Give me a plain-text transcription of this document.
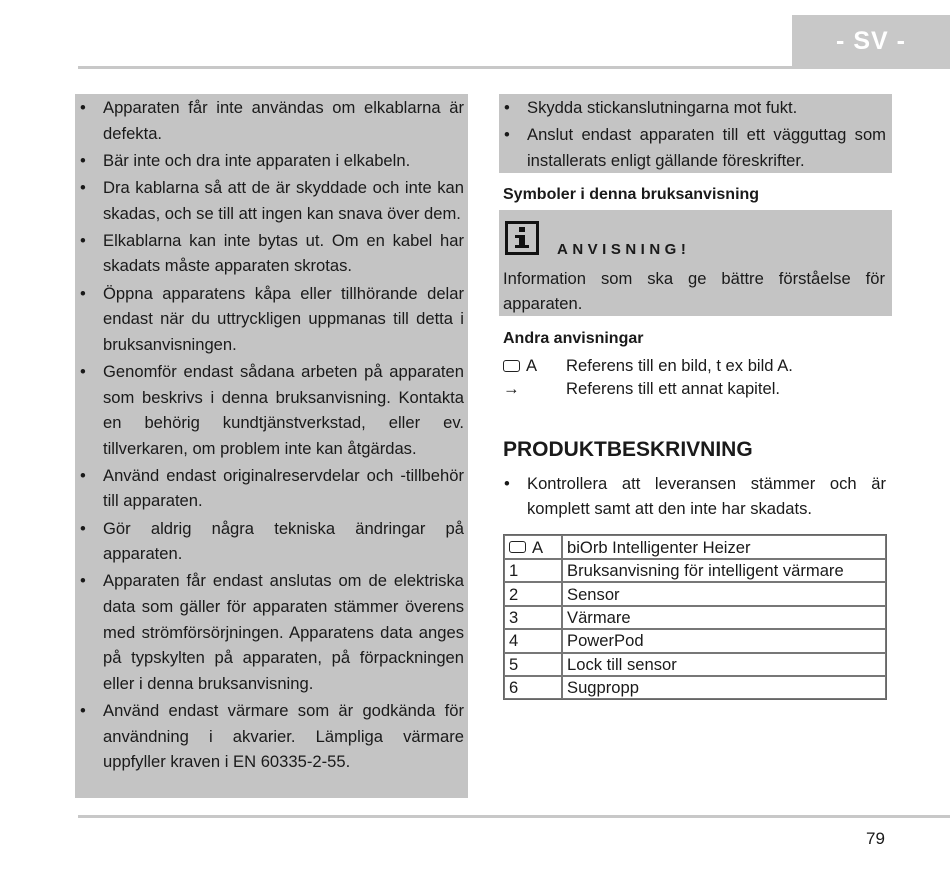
- SV -
• Apparaten får inte användas om elkablarna är defekta.
• Bär inte och dra inte apparaten i elkabeln.
• Dra kablarna så att de är skyddade och inte kan skadas, och se till att ingen kan snava över dem.
• Elkablarna kan inte bytas ut. Om en kabel har skadats måste apparaten skrotas.
• Öppna apparatens kåpa eller tillhörande delar endast när du uttryckligen uppmanas till detta i bruksanvisningen.
• Genomför endast sådana arbeten på apparaten som beskrivs i denna bruksanvisning. Kontakta en behörig kundtjänstverkstad, eller ev. tillverkaren, om problem inte kan åtgärdas.
• Använd endast originalreservdelar och -tillbehör till apparaten.
• Gör aldrig några tekniska ändringar på apparaten.
• Apparaten får endast anslutas om de elektriska data som gäller för apparaten stämmer överens med strömförsörjningen. Apparatens data anges på typskylten på apparaten, på förpackningen eller i denna bruksanvisning.
• Använd endast värmare som är godkända för användning i akvarier. Lämpliga värmare uppfyller kraven i EN 60335-2-55.
• Skydda stickanslutningarna mot fukt.
• Anslut endast apparaten till ett vägguttag som installerats enligt gällande föreskrifter.
Symboler i denna bruksanvisning
ANVISNING!
Information som ska ge bättre förståelse för apparaten.
Andra anvisningar
A Referens till en bild, t ex bild A.
→	Referens till ett annat kapitel.
PRODUKTBESKRIVNING
• Kontrollera att leveransen stämmer och är komplett samt att den inte har skadats.
A	biOrb Intelligenter Heizer
1	Bruksanvisning för intelligent värmare
2	Sensor
3	Värmare
4	PowerPod
5	Lock till sensor
6	Sugpropp
79
